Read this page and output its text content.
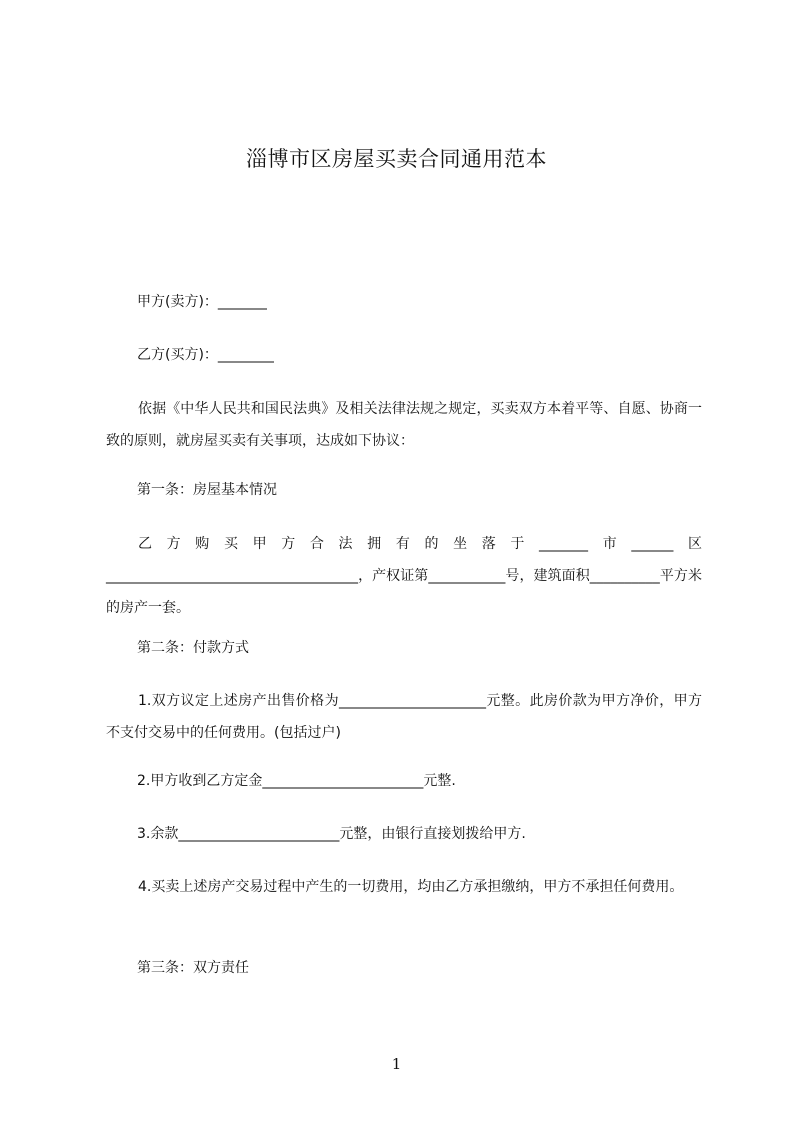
淄博市区房屋买卖合同通用范本
甲方(卖方)：_______
乙方(买方)：________
依据《中华人民共和国民法典》及相关法律法规之规定，买卖双方本着平等、自愿、协商一致的原则，就房屋买卖有关事项，达成如下协议：
第一条：房屋基本情况
乙方购买甲方合法拥有的坐落于_______市______区____________________________________，产权证第___________号，建筑面积__________平方米的房产一套。
第二条：付款方式
1.双方议定上述房产出售价格为_____________________元整。此房价款为甲方净价，甲方不支付交易中的任何费用。(包括过户)
2.甲方收到乙方定金_______________________元整.
3.余款_______________________元整，由银行直接划拨给甲方.
4.买卖上述房产交易过程中产生的一切费用，均由乙方承担缴纳，甲方不承担任何费用。
第三条：双方责任
1
